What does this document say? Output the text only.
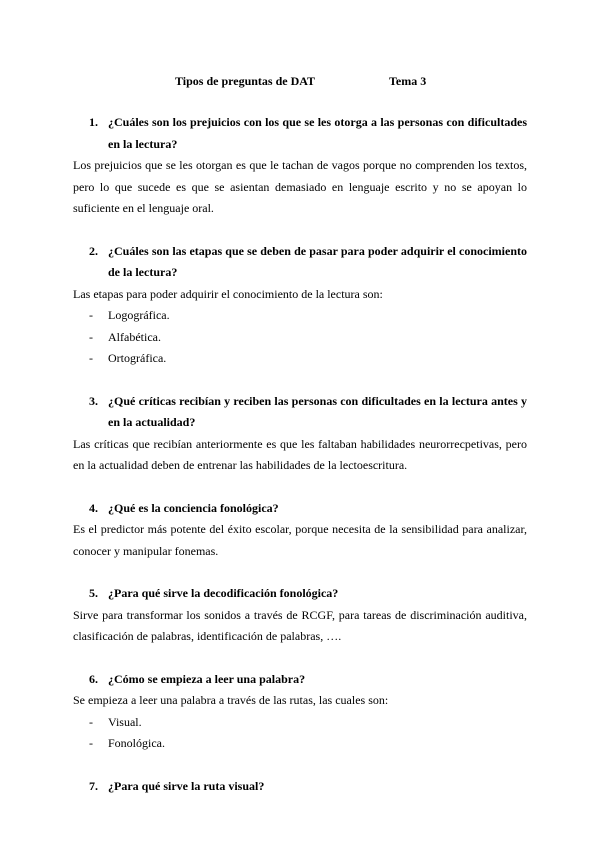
Tipos de preguntas de DAT	Tema 3

1. ¿Cuáles son los prejuicios con los que se les otorga a las personas con dificultades en la lectura?

Los prejuicios que se les otorgan es que le tachan de vagos porque no comprenden los textos, pero lo que sucede es que se asientan demasiado en lenguaje escrito y no se apoyan lo suficiente en el lenguaje oral.

2. ¿Cuáles son las etapas que se deben de pasar para poder adquirir el conocimiento de la lectura?

Las etapas para poder adquirir el conocimiento de la lectura son:

- Logográfica.
- Alfabética.
- Ortográfica.

3. ¿Qué críticas recibían y reciben las personas con dificultades en la lectura antes y en la actualidad?

Las críticas que recibían anteriormente es que les faltaban habilidades neurorrecpetivas, pero en la actualidad deben de entrenar las habilidades de la lectoescritura.

4. ¿Qué es la conciencia fonológica?

Es el predictor más potente del éxito escolar, porque necesita de la sensibilidad para analizar, conocer y manipular fonemas.

5. ¿Para qué sirve la decodificación fonológica?

Sirve para transformar los sonidos a través de RCGF, para tareas de discriminación auditiva, clasificación de palabras, identificación de palabras, ….

6. ¿Cómo se empieza a leer una palabra?

Se empieza a leer una palabra a través de las rutas, las cuales son:

- Visual.
- Fonológica.

7. ¿Para qué sirve la ruta visual?
